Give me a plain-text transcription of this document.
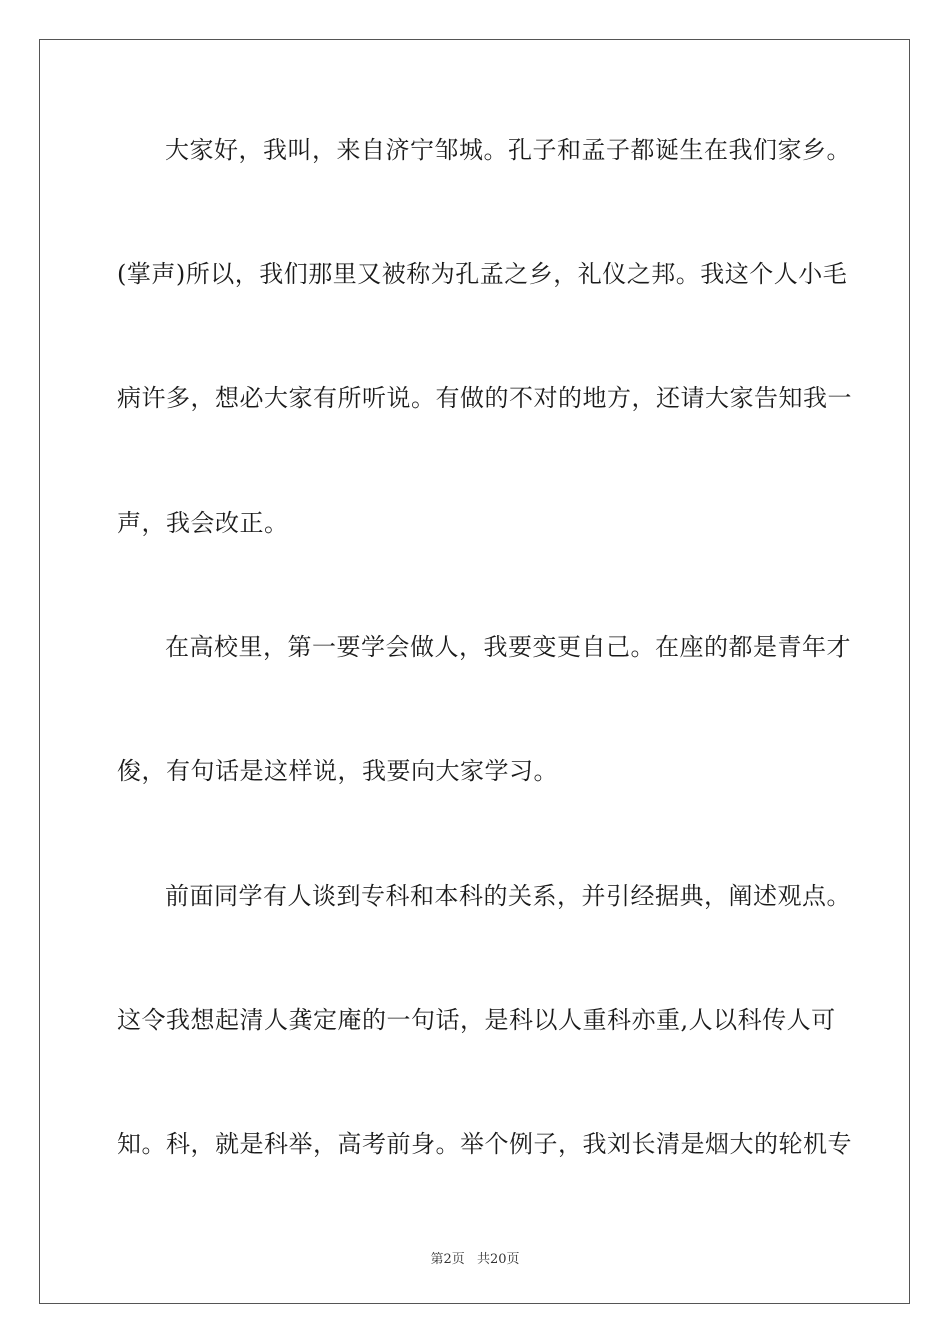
大家好，我叫，来自济宁邹城。孔子和孟子都诞生在我们家乡。
(掌声)所以，我们那里又被称为孔孟之乡，礼仪之邦。我这个人小毛
病许多，想必大家有所听说。有做的不对的地方，还请大家告知我一
声，我会改正。
在高校里，第一要学会做人，我要变更自己。在座的都是青年才
俊，有句话是这样说，我要向大家学习。
前面同学有人谈到专科和本科的关系，并引经据典，阐述观点。
这令我想起清人龚定庵的一句话，是科以人重科亦重,人以科传人可
知。科，就是科举，高考前身。举个例子，我刘长清是烟大的轮机专
第2页 共20页
